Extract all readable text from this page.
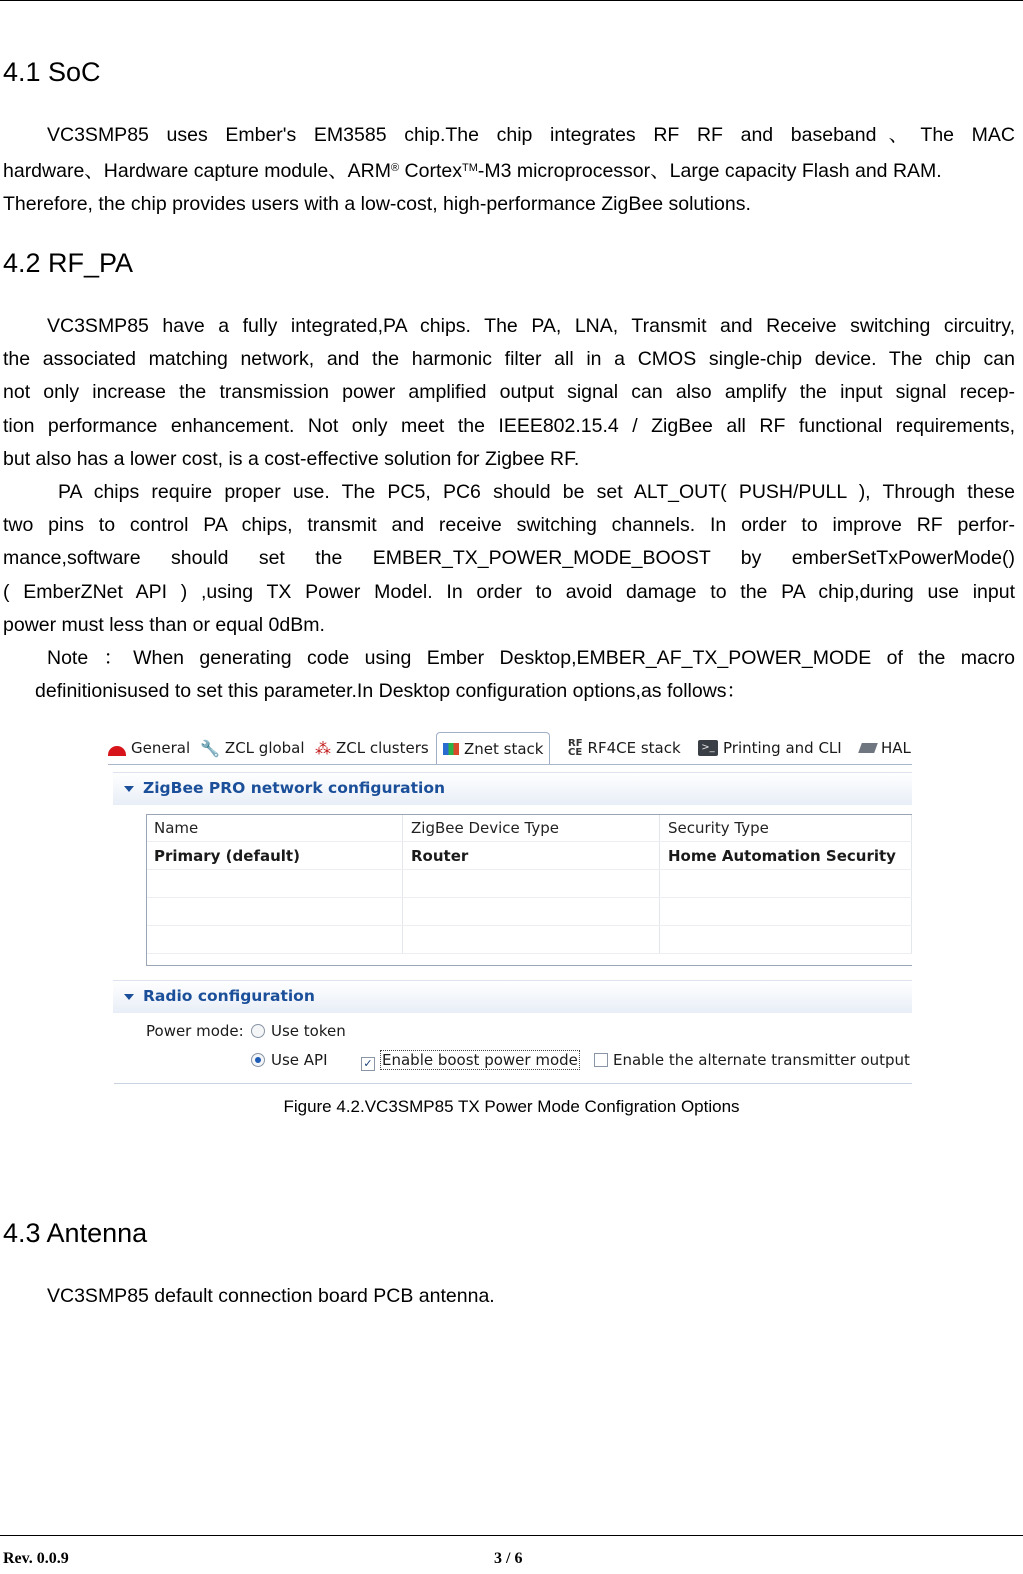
4.1 SoC
VC3SMP85 uses Ember's EM3585 chip.The chip integrates RF RF and baseband、The MAC
hardware、Hardware capture module、ARM® Cortex™-M3 microprocessor、Large capacity Flash and RAM.
Therefore, the chip provides users with a low-cost, high-performance ZigBee solutions.
4.2 RF_PA
VC3SMP85 have a fully integrated,PA chips. The PA, LNA, Transmit and Receive switching circuitry,
the associated matching network, and the harmonic filter all in a CMOS single-chip device. The chip can
not only increase the transmission power amplified output signal can also amplify the input signal recep-
tion performance enhancement. Not only meet the IEEE802.15.4 / ZigBee all RF functional requirements,
but also has a lower cost, is a cost-effective solution for Zigbee RF.
PA chips require proper use. The PC5, PC6 should be set ALT_OUT( PUSH/PULL ), Through these
two pins to control PA chips, transmit and receive switching channels. In order to improve RF perfor-
mance,software should set the EMBER_TX_POWER_MODE_BOOST by emberSetTxPowerMode()
( EmberZNet API ) ,using TX Power Model. In order to avoid damage to the PA chip,during use input
power must less than or equal 0dBm.
Note ：When generating code using Ember Desktop,EMBER_AF_TX_POWER_MODE of the macro
definitionisused to set this parameter.In Desktop configuration options,as follows：
General 🔧 ZCL global ⁂ ZCL clusters Znet stack RF
CE RF4CE stack	>_ Printing and CLI	HAL
ZigBee PRO network configuration
Name	ZigBee Device Type	Security Type
Primary (default)	Router	Home Automation Security

Radio configuration
Power mode:	Use token
Use API	✓ Enable boost power mode	Enable the alternate transmitter output
Figure 4.2.VC3SMP85 TX Power Mode Configration Options
4.3 Antenna
VC3SMP85 default connection board PCB antenna.
Rev. 0.0.9	3 / 6
